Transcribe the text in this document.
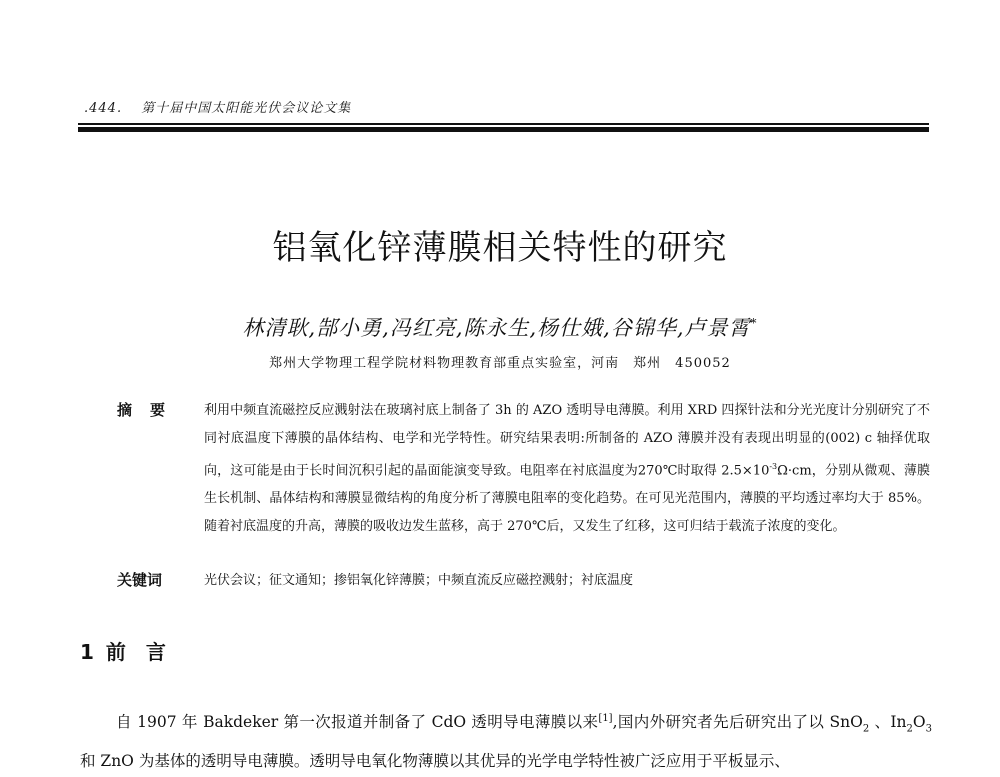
.444. 第十届中国太阳能光伏会议论文集
铝氧化锌薄膜相关特性的研究
林清耿,郜小勇,冯红亮,陈永生,杨仕娥,谷锦华,卢景霄*
郑州大学物理工程学院材料物理教育部重点实验室，河南　郑州　450052
摘要 利用中频直流磁控反应溅射法在玻璃衬底上制备了 3h 的 AZO 透明导电薄膜。利用 XRD 四探针法和分光光度计分别研究了不同衬底温度下薄膜的晶体结构、电学和光学特性。研究结果表明:所制备的 AZO 薄膜并没有表现出明显的(002) c 轴择优取向，这可能是由于长时间沉积引起的晶面能演变导致。电阻率在衬底温度为270℃时取得 $2.5\times 10^{-3}\Omega\cdot cm$，分别从微观、薄膜生长机制、晶体结构和薄膜显微结构的角度分析了薄膜电阻率的变化趋势。在可见光范围内，薄膜的平均透过率均大于 85%。随着衬底温度的升高，薄膜的吸收边发生蓝移，高于 270℃后，又发生了红移，这可归结于载流子浓度的变化。
关键词	光伏会议；征文通知；掺铝氧化锌薄膜；中频直流反应磁控溅射；衬底温度
1 前言
自 1907 年 Bakdeker 第一次报道并制备了 CdO 透明导电薄膜以来[1],国内外研究者先后研究出了以 SnO$_2$ 、$In_2O_3$ 和 ZnO 为基体的透明导电薄膜。透明导电氧化物薄膜以其优异的光学电学特性被广泛应用于平板显示、
